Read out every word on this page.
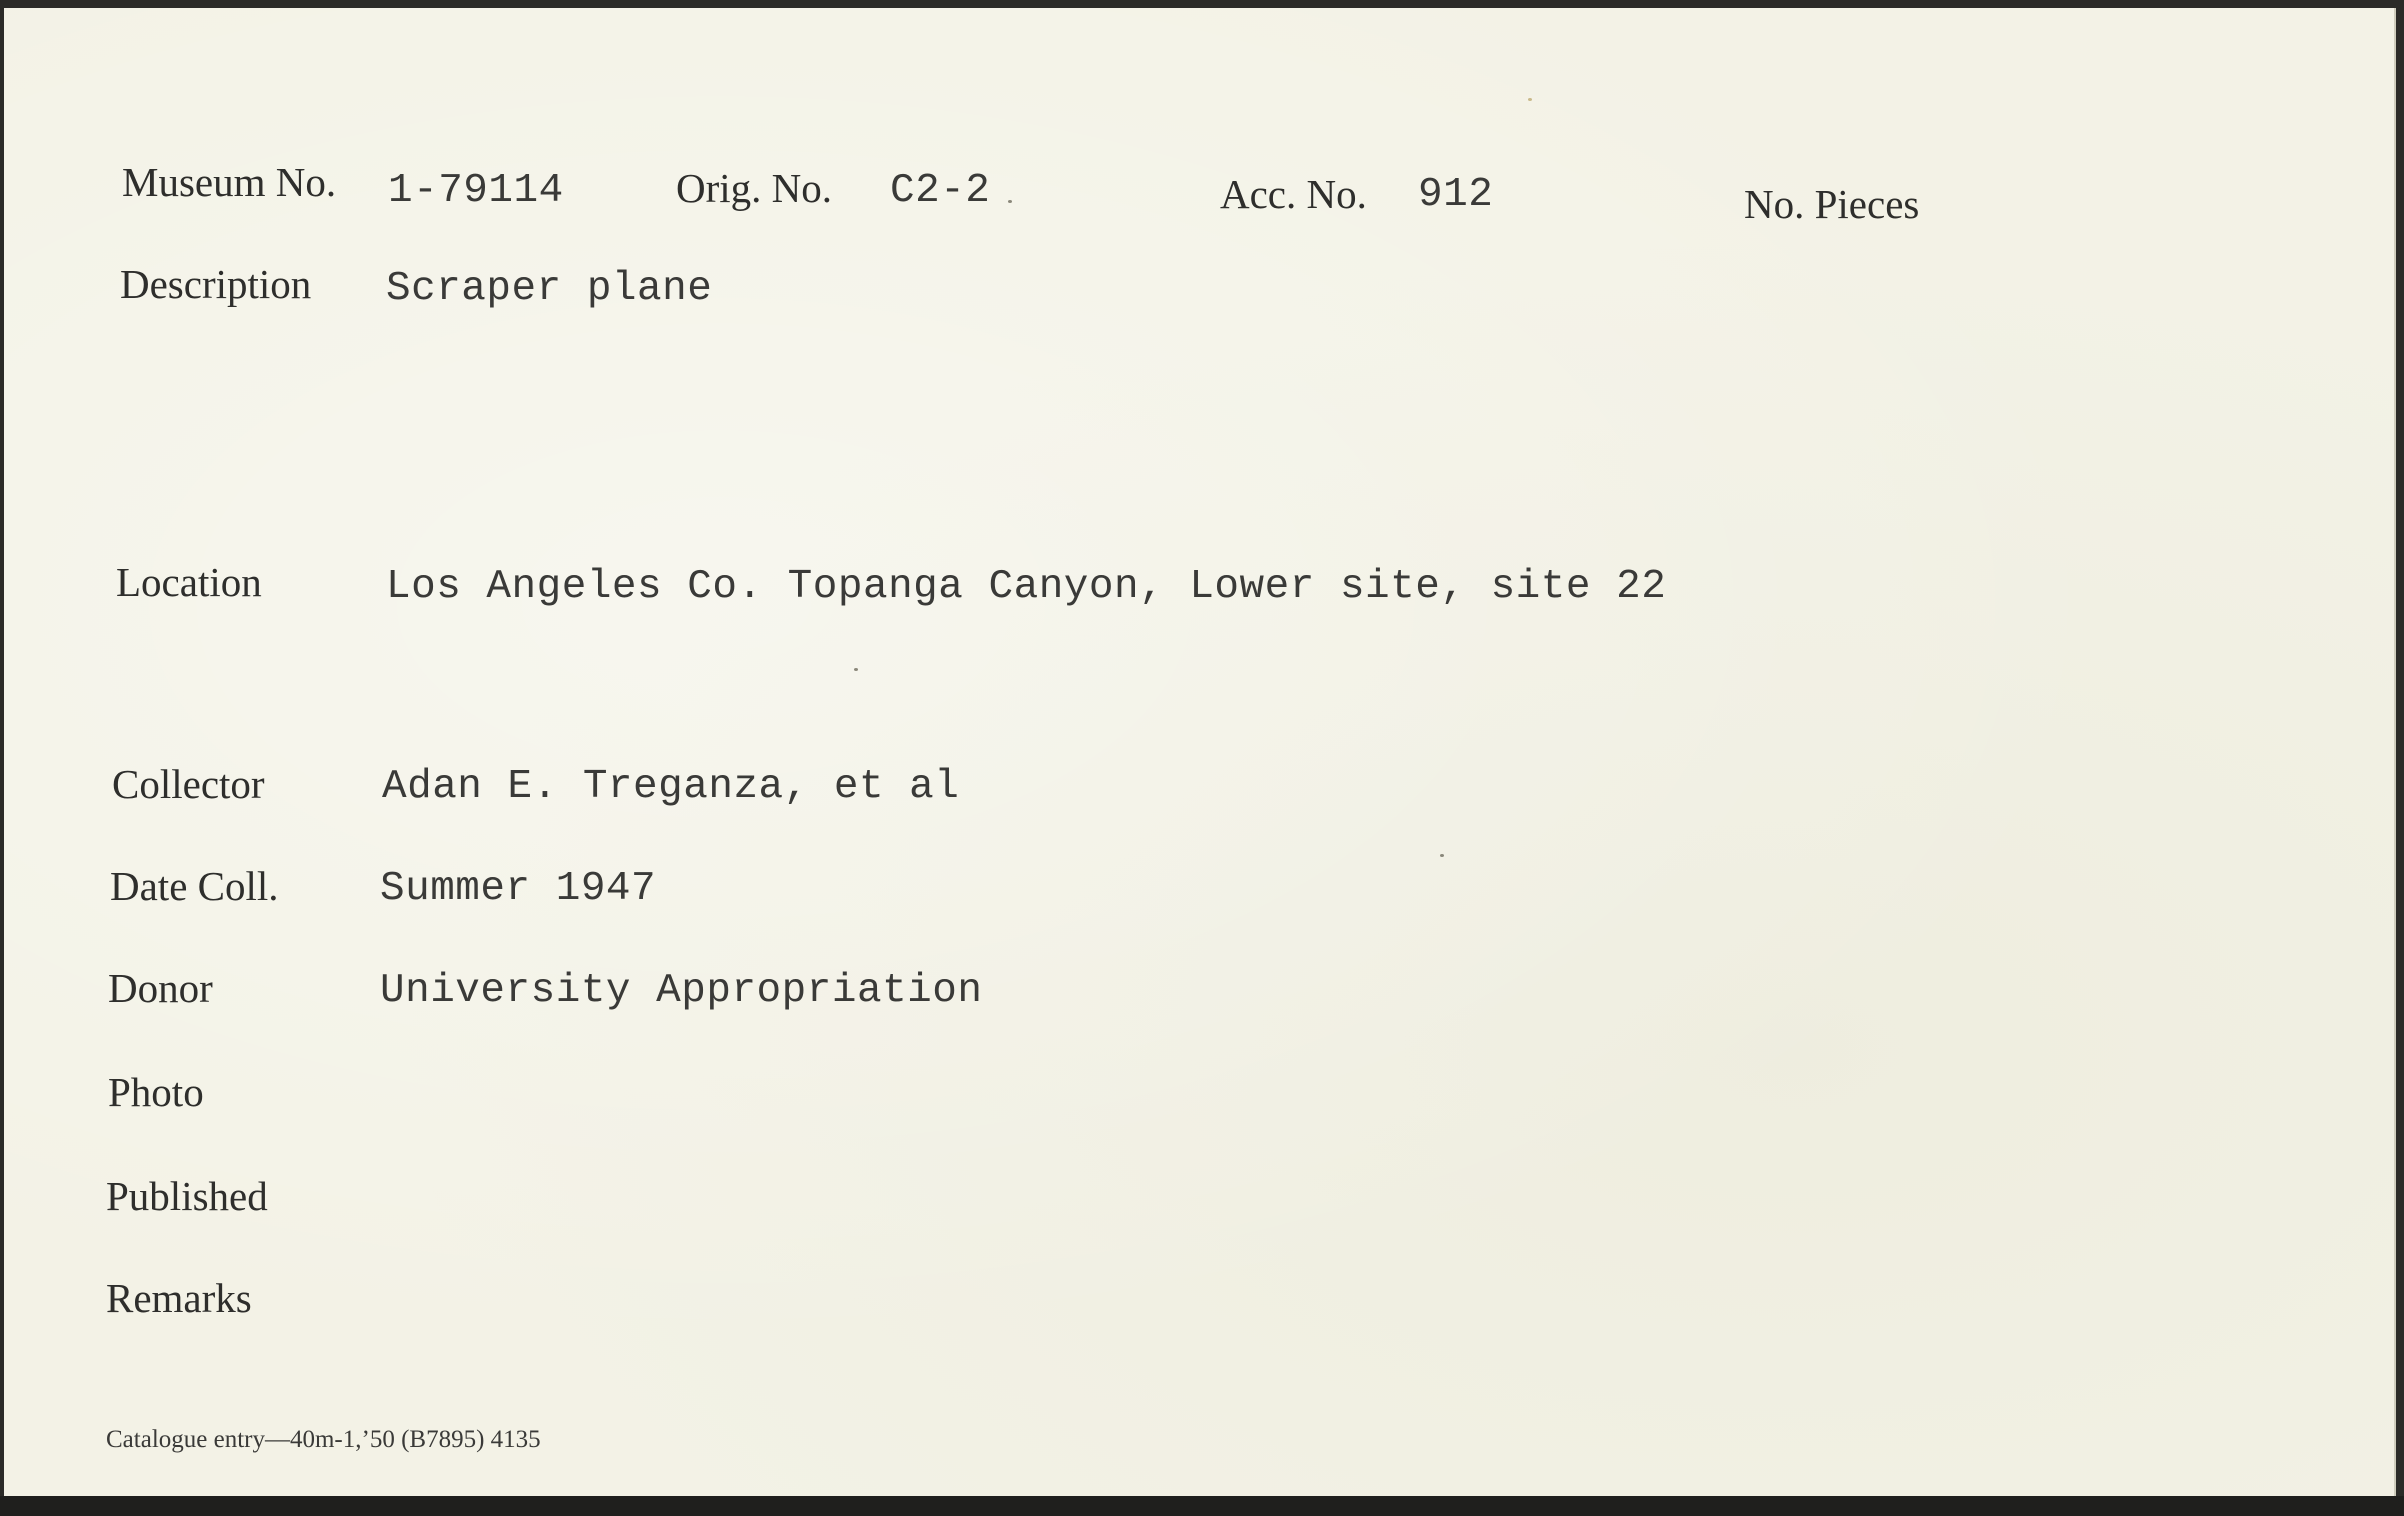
Museum No. 1-79114	Orig. No. C2-2	Acc. No. 912	No. Pieces
Description Scraper plane
Location	Los Angeles Co. Topanga Canyon, Lower site, site 22
Collector	Adan E. Treganza, et al
Date Coll. Summer 1947
Donor	University Appropriation
Photo
Published
Remarks
Catalogue entry—40m-1,’50 (B7895) 4135
